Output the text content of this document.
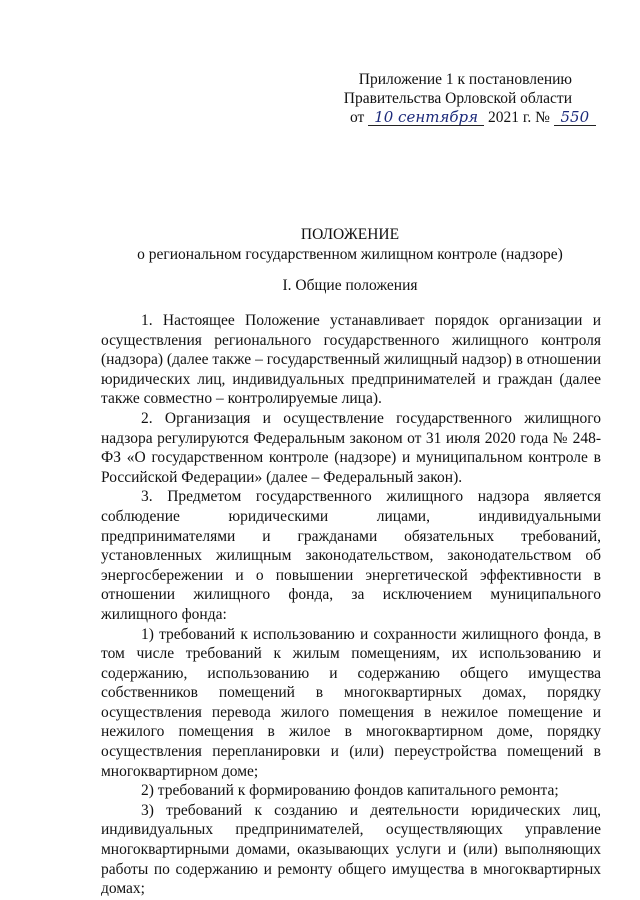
Приложение 1 к постановлению
Правительства Орловской области
от 10 сентября 2021 г. № 550
ПОЛОЖЕНИЕ
о региональном государственном жилищном контроле (надзоре)
I. Общие положения

1. Настоящее Положение устанавливает порядок организации и осуществления регионального государственного жилищного контроля (надзора) (далее также – государственный жилищный надзор) в отношении юридических лиц, индивидуальных предпринимателей и граждан (далее также совместно – контролируемые лица).

2. Организация и осуществление государственного жилищного надзора регулируются Федеральным законом от 31 июля 2020 года № 248-ФЗ «О государственном контроле (надзоре) и муниципальном контроле в Российской Федерации» (далее – Федеральный закон).

3. Предметом государственного жилищного надзора является соблюдение юридическими лицами, индивидуальными предпринимателями и гражданами обязательных требований, установленных жилищным законодательством, законодательством об энергосбережении и о повышении энергетической эффективности в отношении жилищного фонда, за исключением муниципального жилищного фонда:

1) требований к использованию и сохранности жилищного фонда, в том числе требований к жилым помещениям, их использованию и содержанию, использованию и содержанию общего имущества собственников помещений в многоквартирных домах, порядку осуществления перевода жилого помещения в нежилое помещение и нежилого помещения в жилое в многоквартирном доме, порядку осуществления перепланировки и (или) переустройства помещений в многоквартирном доме;

2) требований к формированию фондов капитального ремонта;

3) требований к созданию и деятельности юридических лиц, индивидуальных предпринимателей, осуществляющих управление многоквартирными домами, оказывающих услуги и (или) выполняющих работы по содержанию и ремонту общего имущества в многоквартирных домах;
